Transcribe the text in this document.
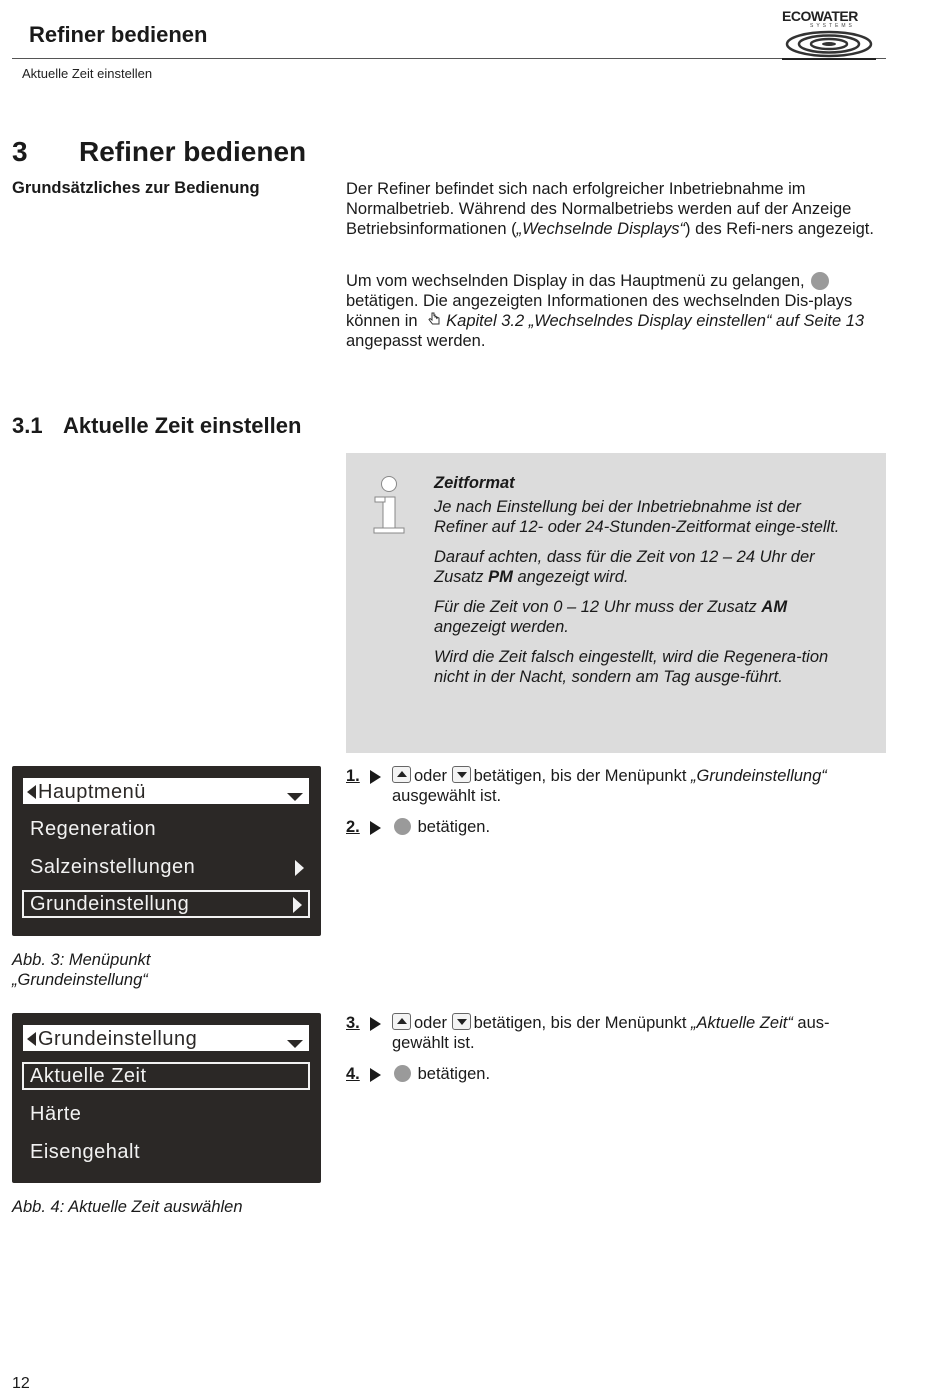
Refiner bedienen
Aktuelle Zeit einstellen
ECOWATER
SYSTEMS
3 Refiner bedienen
Grundsätzliches zur Bedienung	Der Refiner befindet sich nach erfolgreicher Inbetriebnahme im Normalbetrieb. Während des Normalbetriebs werden auf der Anzeige Betriebsinformationen („Wechselnde Displays“) des Refi-ners angezeigt.
Um vom wechselnden Display in das Hauptmenü zu gelangen,  betätigen. Die angezeigten Informationen des wechselnden Dis-plays können in Kapitel 3.2 „Wechselndes Display einstellen“ auf Seite 13 angepasst werden.
3.1 Aktuelle Zeit einstellen

Zeitformat

Je nach Einstellung bei der Inbetriebnahme ist der Refiner auf 12- oder 24-Stunden-Zeitformat einge-stellt.

Darauf achten, dass für die Zeit von 12 – 24 Uhr der Zusatz PM angezeigt wird.

Für die Zeit von 0 – 12 Uhr muss der Zusatz AM angezeigt werden.

Wird die Zeit falsch eingestellt, wird die Regenera-tion nicht in der Nacht, sondern am Tag ausge-führt.

Hauptmenü
Regeneration
Salzeinstellungen
Grundeinstellung
Abb. 3: Menüpunkt „Grundeinstellung“
1.	oder betätigen, bis der Menüpunkt „Grundeinstellung“ ausgewählt ist.
2.	betätigen.
Grundeinstellung
Aktuelle Zeit
Härte
Eisengehalt
Abb. 4: Aktuelle Zeit auswählen
3.	oder betätigen, bis der Menüpunkt „Aktuelle Zeit“ aus-gewählt ist.
4.	betätigen.
12
